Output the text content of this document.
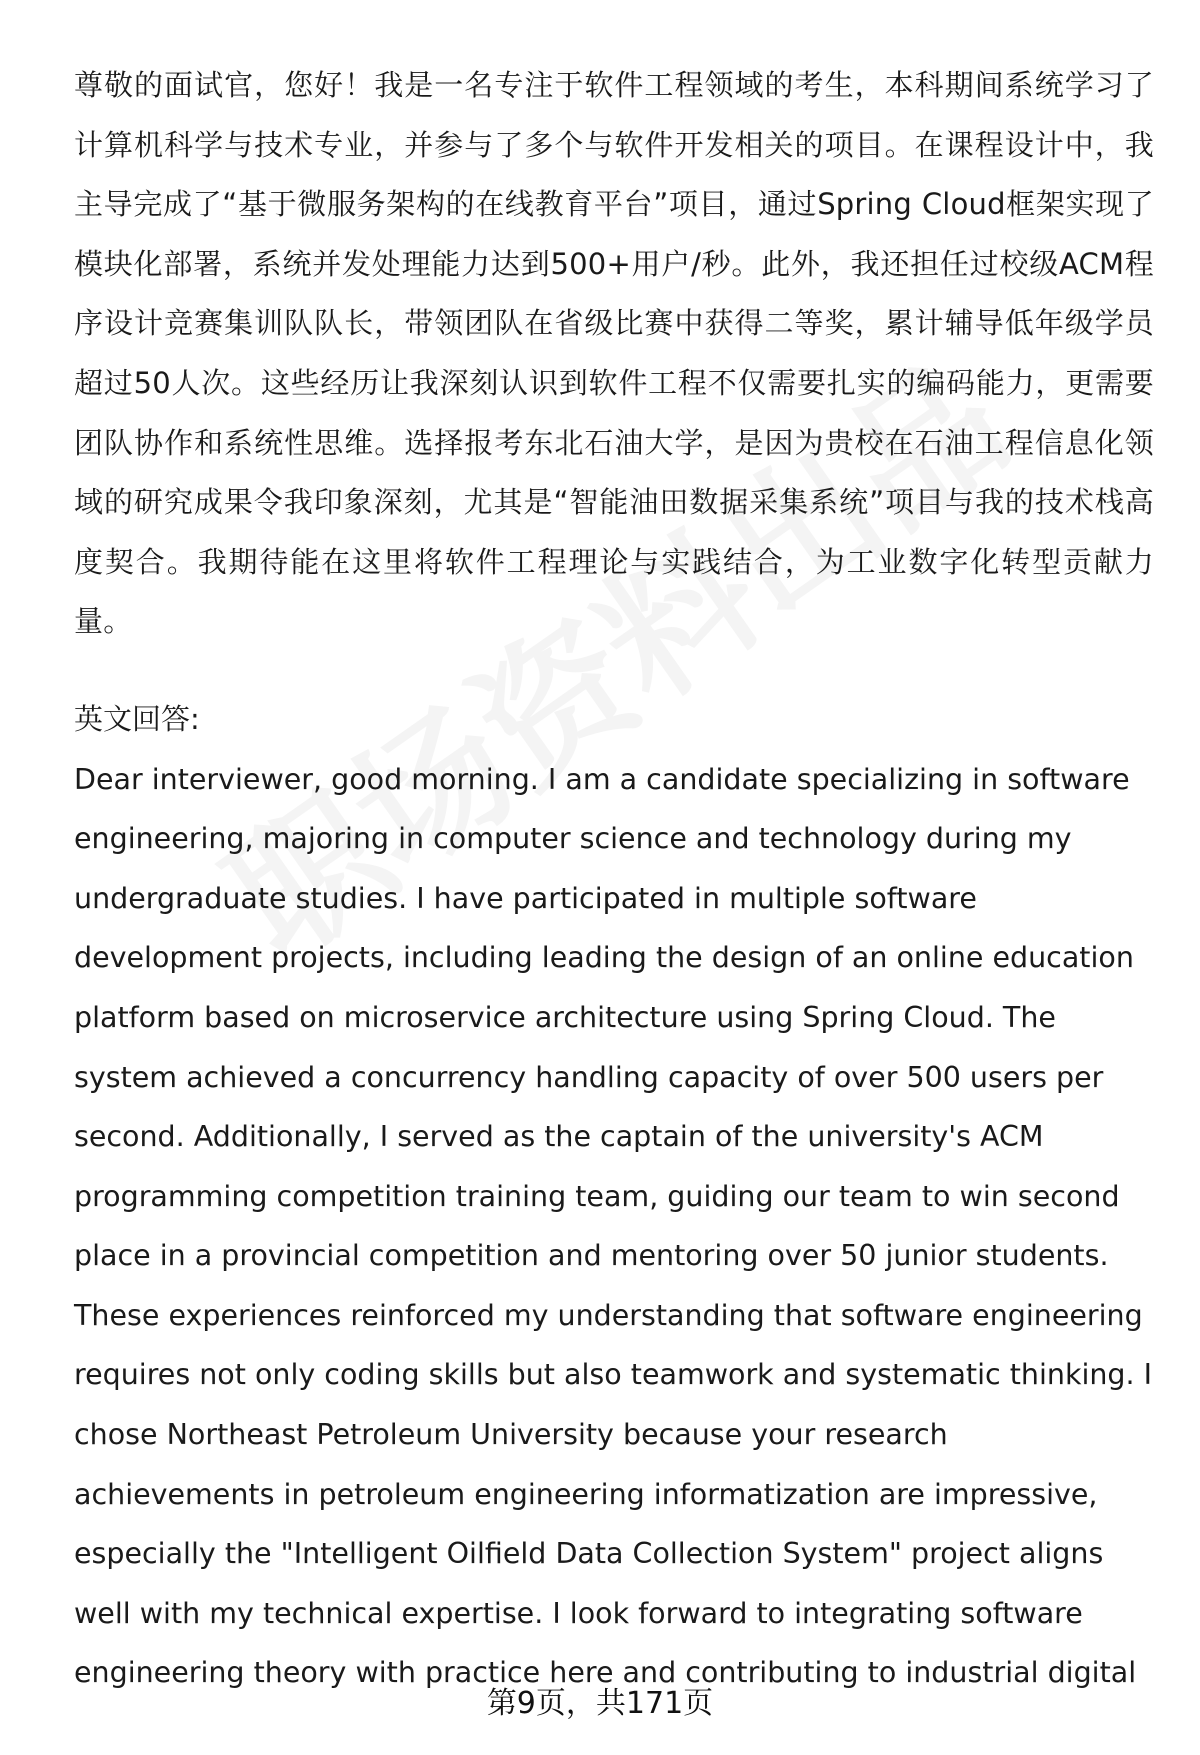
尊敬的面试官，您好！我是一名专注于软件工程领域的考生，本科期间系统学习了计算机科学与技术专业，并参与了多个与软件开发相关的项目。在课程设计中，我主导完成了“基于微服务架构的在线教育平台”项目，通过Spring Cloud框架实现了模块化部署，系统并发处理能力达到500+用户/秒。此外，我还担任过校级ACM程序设计竞赛集训队队长，带领团队在省级比赛中获得二等奖，累计辅导低年级学员超过50人次。这些经历让我深刻认识到软件工程不仅需要扎实的编码能力，更需要团队协作和系统性思维。选择报考东北石油大学，是因为贵校在石油工程信息化领域的研究成果令我印象深刻，尤其是“智能油田数据采集系统”项目与我的技术栈高度契合。我期待能在这里将软件工程理论与实践结合，为工业数字化转型贡献力量。

英文回答:

Dear interviewer, good morning. I am a candidate specializing in software engineering, majoring in computer science and technology during my undergraduate studies. I have participated in multiple software development projects, including leading the design of an online education platform based on microservice architecture using Spring Cloud. The system achieved a concurrency handling capacity of over 500 users per second. Additionally, I served as the captain of the university's ACM programming competition training team, guiding our team to win second place in a provincial competition and mentoring over 50 junior students. These experiences reinforced my understanding that software engineering requires not only coding skills but also teamwork and systematic thinking. I chose Northeast Petroleum University because your research achievements in petroleum engineering informatization are impressive, especially the "Intelligent Oilfield Data Collection System" project aligns well with my technical expertise. I look forward to integrating software engineering theory with practice here and contributing to industrial digital

第9页，共171页
